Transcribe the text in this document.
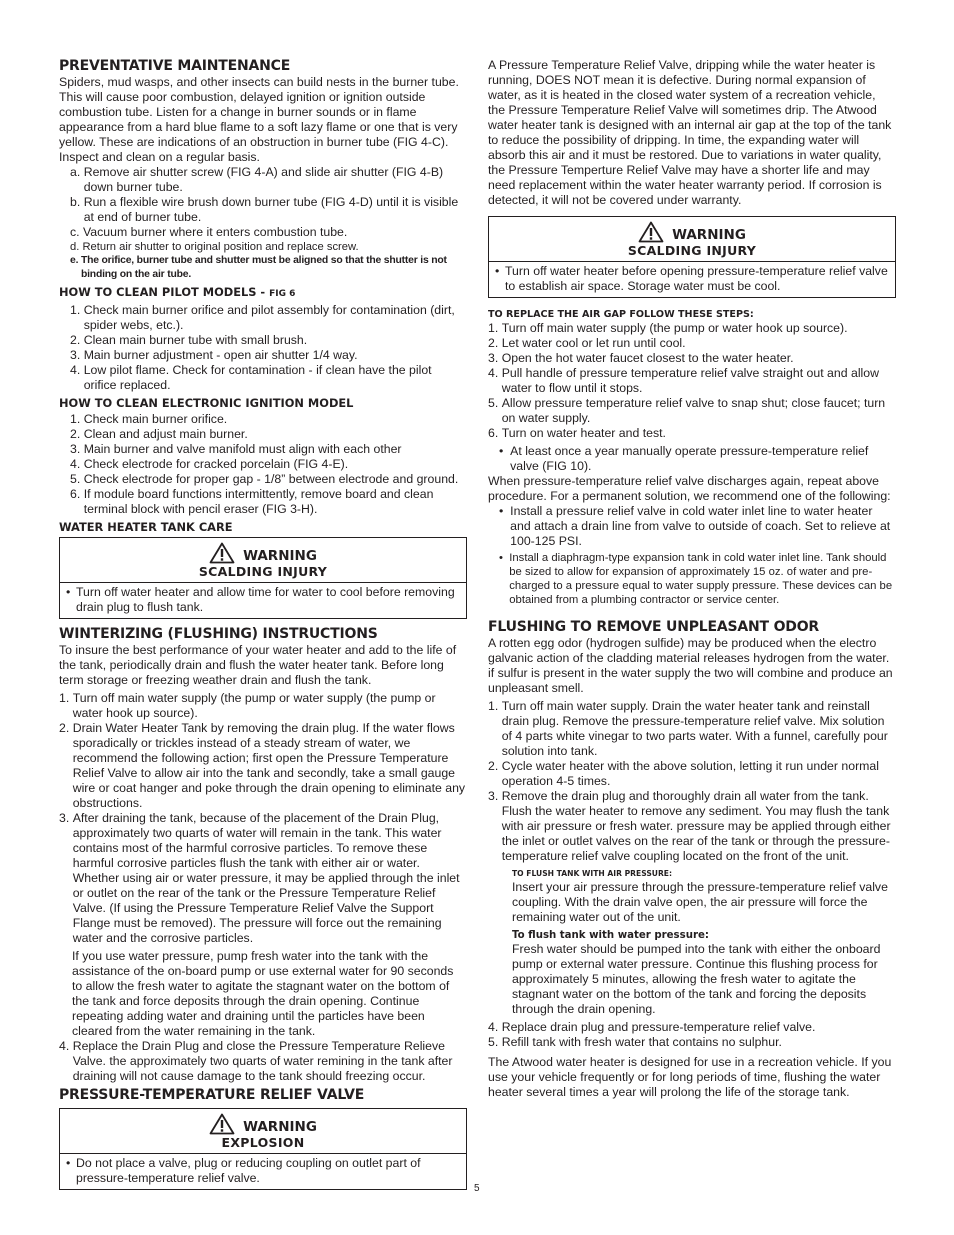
PREVENTATIVE MAINTENANCE

Spiders, mud wasps, and other insects can build nests in the burner tube. This will cause poor combustion, delayed ignition or ignition outside combustion tube. Listen for a change in burner sounds or in flame appearance from a hard blue flame to a soft lazy flame or one that is very yellow. These are indications of an obstruction in burner tube (FIG 4-C). Inspect and clean on a regular basis.

a.
Remove air shutter screw (FIG 4-A) and slide air shutter (FIG 4-B) down burner tube.
b.
Run a flexible wire brush down burner tube (FIG 4-D) until it is visible at end of burner tube.
c.
Vacuum burner where it enters combustion tube.
d.
Return air shutter to original position and replace screw.
e.
The orifice, burner tube and shutter must be aligned so that the shutter is not binding on the air tube.
HOW TO CLEAN PILOT MODELS - FIG 6
1.
Check main burner orifice and pilot assembly for contamination (dirt, spider webs, etc.).
2.
Clean main burner tube with small brush.
3.
Main burner adjustment - open air shutter 1/4 way.
4.
Low pilot flame. Check for contamination - if clean have the pilot orifice replaced.
HOW TO CLEAN ELECTRONIC IGNITION MODEL
1.
Check main burner orifice.
2.
Clean and adjust main burner.
3.
Main burner and valve manifold must align with each other
4.
Check electrode for cracked porcelain (FIG 4-E).
5.
Check electrode for proper gap - 1/8” between electrode and ground.
6.
If module board functions intermittently, remove board and clean terminal block with pencil eraser (FIG 3-H).
WATER HEATER TANK CARE
WARNING
SCALDING INJURY
• Turn off water heater and allow time for water to cool before removing drain plug to flush tank.
WINTERIZING (FLUSHING) INSTRUCTIONS

To insure the best performance of your water heater and add to the life of the tank, periodically drain and flush the water heater tank. Before long term storage or freezing weather drain and flush the tank.

1.
Turn off main water supply (the pump or water supply (the pump or water hook up source).
2.
Drain Water Heater Tank by removing the drain plug. If the water flows sporadically or trickles instead of a steady stream of water, we recommend the following action; first open the Pressure Temperature Relief Valve to allow air into the tank and secondly, take a small gauge wire or coat hanger and poke through the drain opening to eliminate any obstructions.
3.
After draining the tank, because of the placement of the Drain Plug, approximately two quarts of water will remain in the tank. This water contains most of the harmful corrosive particles. To remove these harmful corrosive particles flush the tank with either air or water. Whether using air or water pressure, it may be applied through the inlet or outlet on the rear of the tank or the Pressure Temperature Relief Valve. (If using the Pressure Temperature Relief Valve the Support Flange must be removed). The pressure will force out the remaining water and the corrosive particles.

If you use water pressure, pump fresh water into the tank with the assistance of the on-board pump or use external water for 90 seconds to allow the fresh water to agitate the stagnant water on the bottom of the tank and force deposits through the drain opening. Continue repeating adding water and draining until the particles have been cleared from the water remaining in the tank.

4.
Replace the Drain Plug and close the Pressure Temperature Relieve Valve. the approximately two quarts of water remining in the tank after draining will not cause damage to the tank should freezing occur.
PRESSURE-TEMPERATURE RELIEF VALVE
WARNING
EXPLOSION
• Do not place a valve, plug or reducing coupling on outlet part of pressure-temperature relief valve.

A Pressure Temperature Relief Valve, dripping while the water heater is running, DOES NOT mean it is defective. During normal expansion of water, as it is heated in the closed water system of a recreation vehicle, the Pressure Temperature Relief Valve will sometimes drip. The Atwood water heater tank is designed with an internal air gap at the top of the tank to reduce the possibility of dripping. In time, the expanding water will absorb this air and it must be restored. Due to variations in water quality, the Pressure Temperture Relief Valve may have a shorter life and may need replacement within the water heater warranty period. If corrosion is detected, it will not be covered under warranty.

WARNING
SCALDING INJURY
• Turn off water heater before opening pressure-temperature relief valve to establish air space. Storage water must be cool.
TO REPLACE THE AIR GAP FOLLOW THESE STEPS:
1.
Turn off main water supply (the pump or water hook up source).
2.
Let water cool or let run until cool.
3.
Open the hot water faucet closest to the water heater.
4.
Pull handle of pressure temperature relief valve straight out and allow water to flow until it stops.
5.
Allow pressure temperature relief valve to snap shut; close faucet; turn on water supply.
6.
Turn on water heater and test.
•
At least once a year manually operate pressure-temperature relief valve (FIG 10).

When pressure-temperature relief valve discharges again, repeat above procedure. For a permanent solution, we recommend one of the following:

•
Install a pressure relief valve in cold water inlet line to water heater and attach a drain line from valve to outside of coach. Set to relieve at 100-125 PSI.
•
Install a diaphragm-type expansion tank in cold water inlet line. Tank should be sized to allow for expansion of approximately 15 oz. of water and pre-charged to a pressure equal to water supply pressure. These devices can be obtained from a plumbing contractor or service center.
FLUSHING TO REMOVE UNPLEASANT ODOR

A rotten egg odor (hydrogen sulfide) may be produced when the electro galvanic action of the cladding material releases hydrogen from the water. if sulfur is present in the water supply the two will combine and produce an unpleasant smell.

1.
Turn off main water supply. Drain the water heater tank and reinstall drain plug. Remove the pressure-temperature relief valve. Mix solution of 4 parts white vinegar to two parts water. With a funnel, carefully pour solution into tank.
2.
Cycle water heater with the above solution, letting it run under normal operation 4-5 times.
3.
Remove the drain plug and thoroughly drain all water from the tank. Flush the water heater to remove any sediment. You may flush the tank with air pressure or fresh water. pressure may be applied through either the inlet or outlet valves on the rear of the tank or through the pressure-temperature relief valve coupling located on the front of the unit.
TO FLUSH TANK WITH AIR PRESSURE:

Insert your air pressure through the pressure-temperature relief valve coupling. With the drain valve open, the air pressure will force the remaining water out of the unit.

To flush tank with water pressure:

Fresh water should be pumped into the tank with either the onboard pump or external water pressure. Continue this flushing process for approximately 5 minutes, allowing the fresh water to agitate the stagnant water on the bottom of the tank and forcing the deposits through the drain opening.

4.
Replace drain plug and pressure-temperature relief valve.
5.
Refill tank with fresh water that contains no sulphur.

The Atwood water heater is designed for use in a recreation vehicle. If you use your vehicle frequently or for long periods of time, flushing the water heater several times a year will prolong the life of the storage tank.

5
